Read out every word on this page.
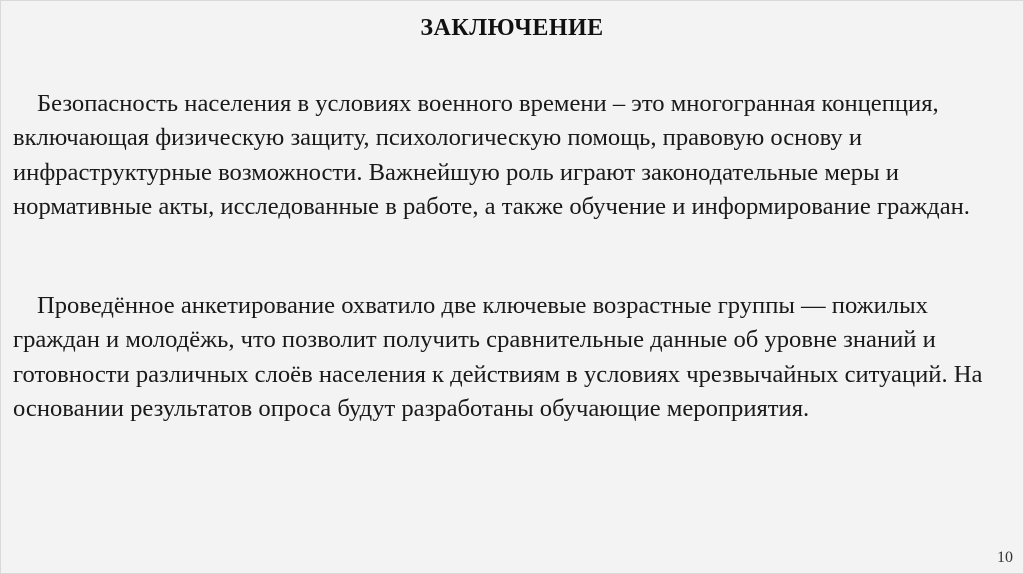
ЗАКЛЮЧЕНИЕ

Безопасность населения в условиях военного времени – это многогранная концепция, включающая физическую защиту, психологическую помощь, правовую основу и инфраструктурные возможности. Важнейшую роль играют законодательные меры и нормативные акты, исследованные в работе, а также обучение и информирование граждан.

Проведённое анкетирование охватило две ключевые возрастные группы — пожилых граждан и молодёжь, что позволит получить сравнительные данные об уровне знаний и готовности различных слоёв населения к действиям в условиях чрезвычайных ситуаций. На основании результатов опроса будут разработаны обучающие мероприятия.

10
